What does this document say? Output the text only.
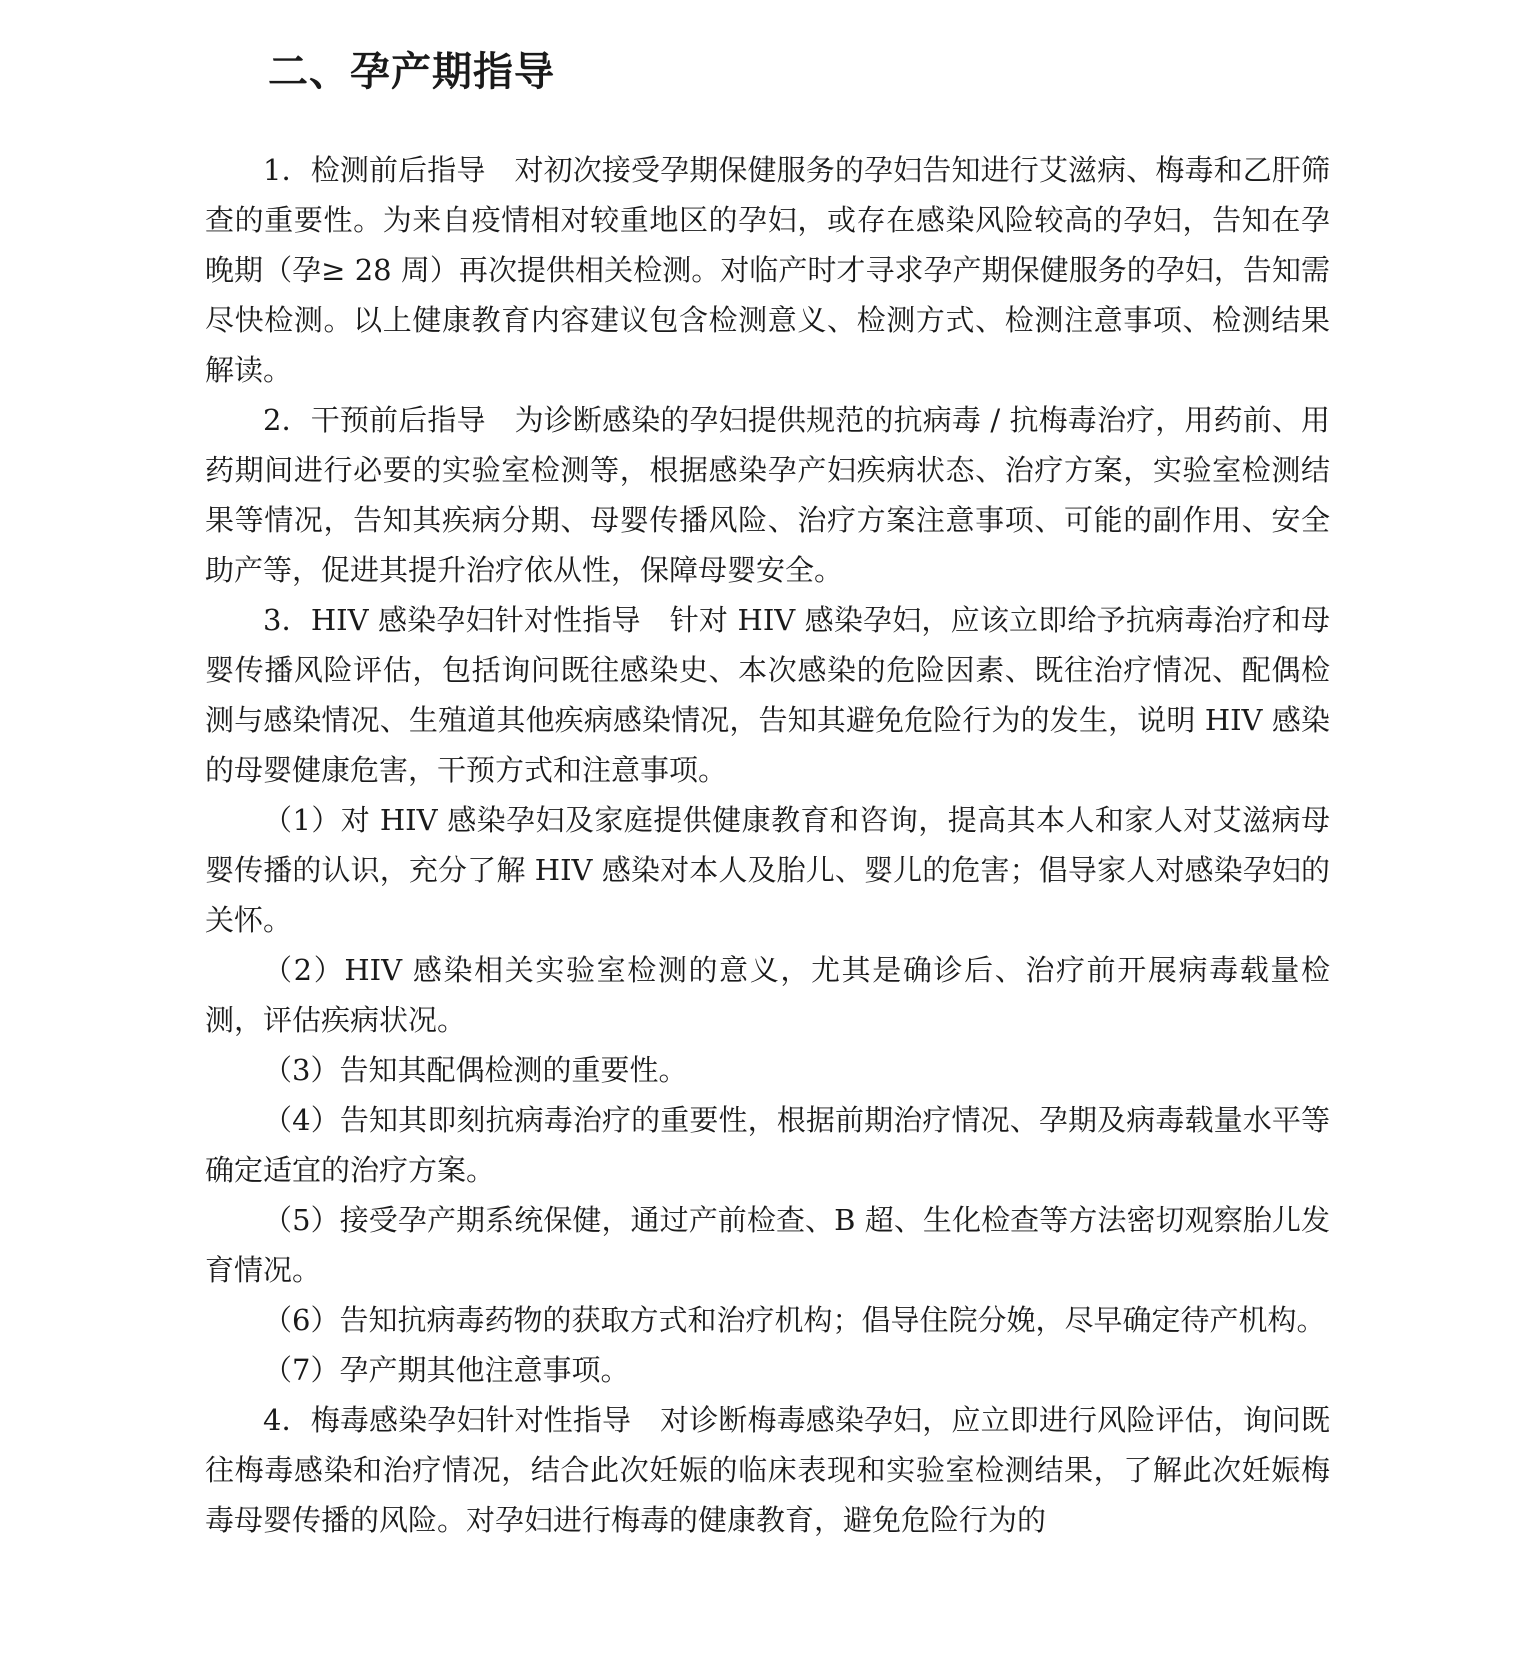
二、孕产期指导

1．检测前后指导 对初次接受孕期保健服务的孕妇告知进行艾滋病、梅毒和乙肝筛查的重要性。为来自疫情相对较重地区的孕妇，或存在感染风险较高的孕妇，告知在孕晚期（孕≥ 28 周）再次提供相关检测。对临产时才寻求孕产期保健服务的孕妇，告知需尽快检测。以上健康教育内容建议包含检测意义、检测方式、检测注意事项、检测结果解读。

2．干预前后指导 为诊断感染的孕妇提供规范的抗病毒 / 抗梅毒治疗，用药前、用药期间进行必要的实验室检测等，根据感染孕产妇疾病状态、治疗方案，实验室检测结果等情况，告知其疾病分期、母婴传播风险、治疗方案注意事项、可能的副作用、安全助产等，促进其提升治疗依从性，保障母婴安全。

3．HIV 感染孕妇针对性指导 针对 HIV 感染孕妇，应该立即给予抗病毒治疗和母婴传播风险评估，包括询问既往感染史、本次感染的危险因素、既往治疗情况、配偶检测与感染情况、生殖道其他疾病感染情况，告知其避免危险行为的发生，说明 HIV 感染的母婴健康危害，干预方式和注意事项。

（1）对 HIV 感染孕妇及家庭提供健康教育和咨询，提高其本人和家人对艾滋病母婴传播的认识，充分了解 HIV 感染对本人及胎儿、婴儿的危害；倡导家人对感染孕妇的关怀。

（2）HIV 感染相关实验室检测的意义，尤其是确诊后、治疗前开展病毒载量检测，评估疾病状况。

（3）告知其配偶检测的重要性。

（4）告知其即刻抗病毒治疗的重要性，根据前期治疗情况、孕期及病毒载量水平等确定适宜的治疗方案。

（5）接受孕产期系统保健，通过产前检查、B 超、生化检查等方法密切观察胎儿发育情况。

（6）告知抗病毒药物的获取方式和治疗机构；倡导住院分娩，尽早确定待产机构。

（7）孕产期其他注意事项。

4．梅毒感染孕妇针对性指导 对诊断梅毒感染孕妇，应立即进行风险评估，询问既往梅毒感染和治疗情况，结合此次妊娠的临床表现和实验室检测结果，了解此次妊娠梅毒母婴传播的风险。对孕妇进行梅毒的健康教育，避免危险行为的
